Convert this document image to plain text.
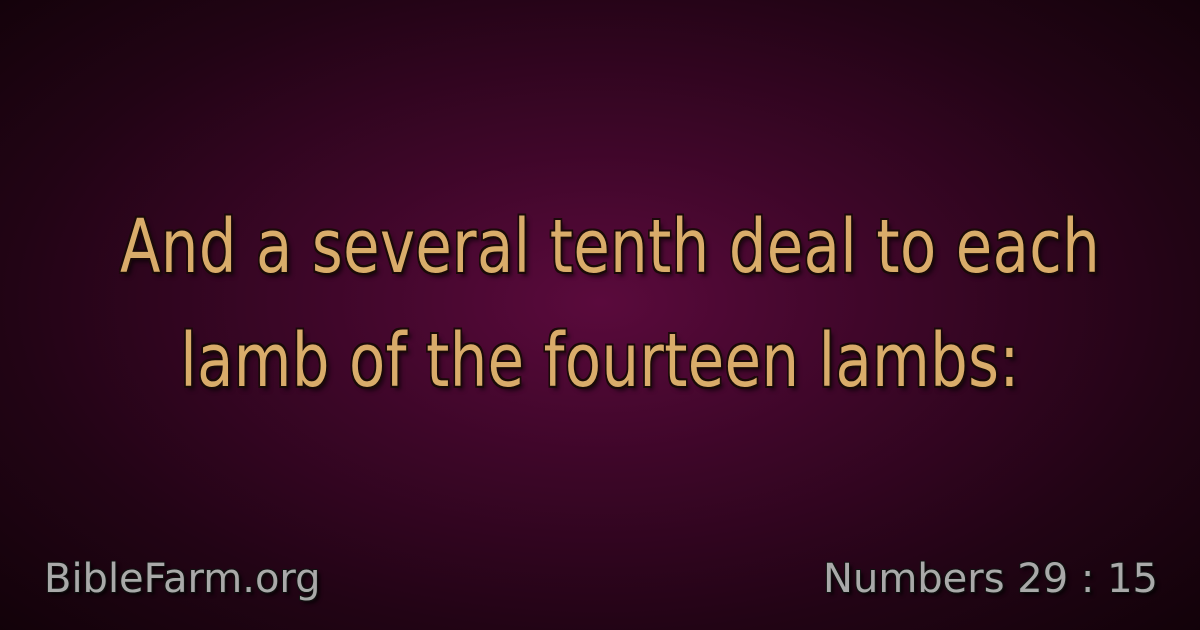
And a several tenth deal to each
lamb of the fourteen lambs:
BibleFarm.org	Numbers 29 : 15
